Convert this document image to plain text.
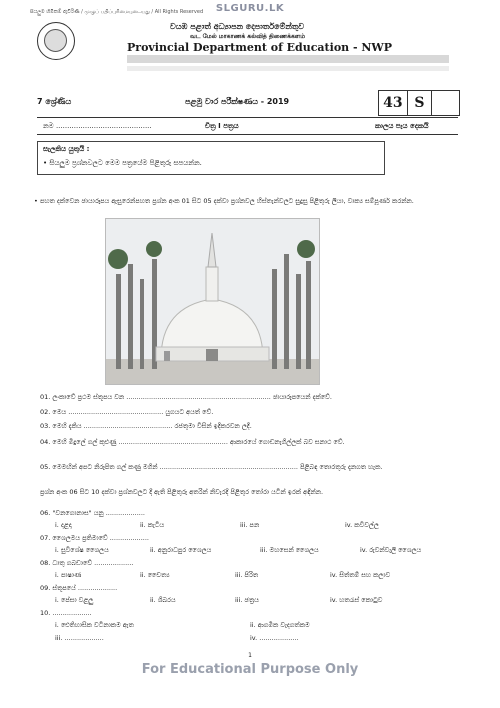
SLGURU.LK
සියලුම හිමිකම් ඇවිරිණි / முழுப் பதிப்புரிமையுடையது / All Rights Reserved
වයඹ පළාත් අධ්‍යාපන දෙපාර්තමේන්තුව
வட மேல் மாகாணக் கல்வித் திணைக்களம்
Provincial Department of Education - NWP
7 ශ්‍රේණිය	පළමු වාර පරීක්ෂණය - 2019	43 S
නම ...........................................	චිත්‍ර I පත්‍රය	කාලය පැය දෙකයි
සැලකිය යුතුයි :
• සියලුම ප්‍රශ්නවලට මෙම පත්‍රයේම පිළිතුරු සපයන්න.
• පහත දක්වෙන ඡායාරූපය ඇසුරෙන්පහත ප්‍රශ්න අංක 01 සිට 05 දක්වා ප්‍රශ්නවල හිස්තැන්වලට සුදුසු පිළිතුරු ලියා, වාක්‍ය සම්පූර්ණ කරන්න.
01. ලංකාවේ ප්‍රථම ස්තූපය වන ...................................................................... ඡායාරූපයෙන් දක්වේ.
02. මෙය .............................................. යුගයට අයත් වේ.
03. මෙහි දැකිය ........................................... රජතුමා විසින් ඉදිකරවන ලදී.
04. මෙහි මිදුලේ ගල් කුළුණු ..................................................... ආකාරයේ ගොඩනැගිල්ලක් බව සනාථ වේ.
05. මෙමඟින් අපට නිරූපිත ගල් කණු මගින් ................................................................... පිළිබඳ තොරතුරු දැනගත හැක.
ප්‍රශ්න අංක 06 සිට 10 දක්වා ප්‍රශ්නවලට දී ඇති පිළිතුරු අතරින් නිවැරදි පිළිතුර තෝරා යටින් ඉරක් අඳින්න.
06. "වනගොනාස" යනු ...................
i. දළදා	ii. කැටිය	iii. පන	iv. කවිවල්ල
07. ශෛලමය ප්‍රතිමාවේ ...................
i. සුවිශේෂ ශෛලය	ii. අනුරාධපුර ශෛලය	iii. මහසෙන් ශෛලය	iv. රුවන්වැලි ශෛලය
08. ධාතු ගබඩාවේ ...................
i. පාෂාණ	ii. චෛත්‍ය	iii. පිරිත	iv. සිත්තම් සහ කලාව
09. ස්තූපයේ ...................
i. පේසා වළලු	ii. ශිඛරය	iii. ඡත්‍රය	iv. හතරැස් කොටුව
10. ...................
i. ඓතිහාසික වටිනාකම ඇත	ii. ආගමික වැදගත්කම
iii. ...................	iv. ...................
1
For Educational Purpose Only
